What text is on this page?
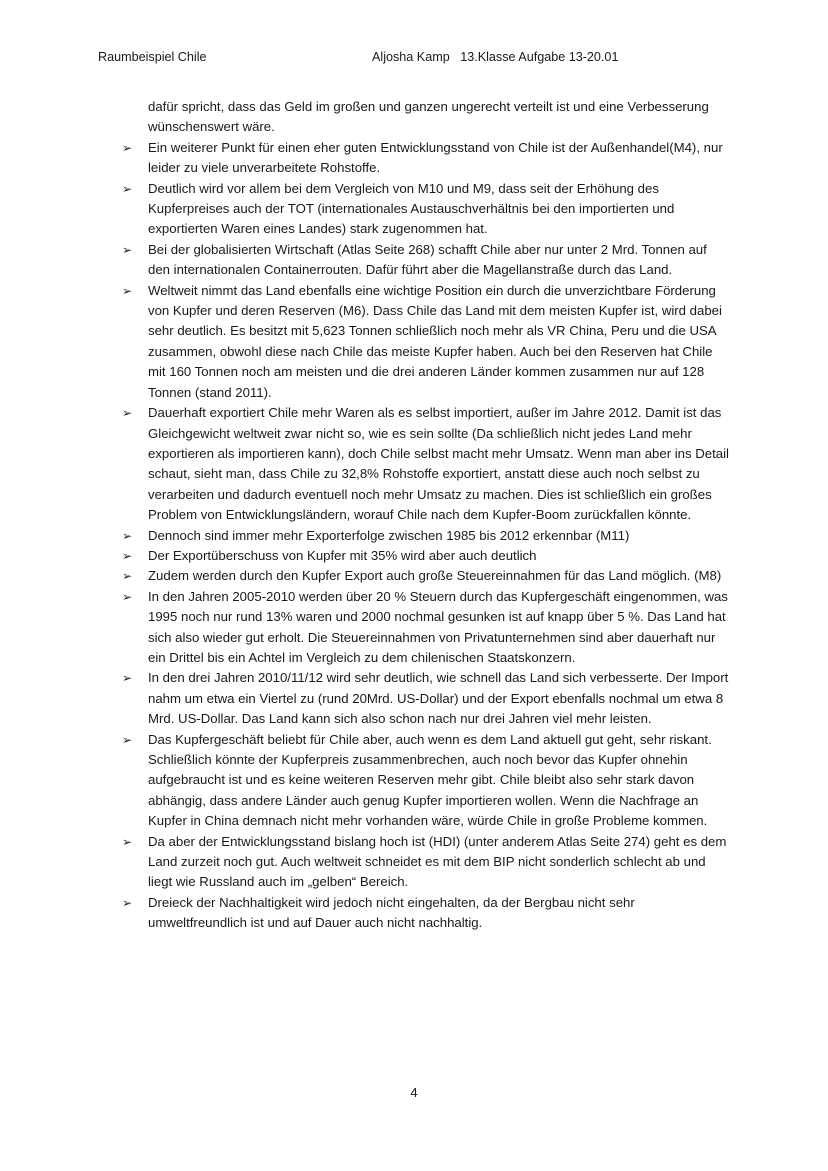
Raumbeispiel Chile	Aljosha Kamp   13.Klasse Aufgabe 13-20.01

dafür spricht, dass das Geld im großen und ganzen ungerecht verteilt ist und eine Verbesserung wünschenswert wäre.

➢ Ein weiterer Punkt für einen eher guten Entwicklungsstand von Chile ist der Außenhandel(M4), nur leider zu viele unverarbeitete Rohstoffe.
➢ Deutlich wird vor allem bei dem Vergleich von M10 und M9, dass seit der Erhöhung des Kupferpreises auch der TOT (internationales Austauschverhältnis bei den importierten und exportierten Waren eines Landes) stark zugenommen hat.
➢ Bei der globalisierten Wirtschaft (Atlas Seite 268) schafft Chile aber nur unter 2 Mrd. Tonnen auf den internationalen Containerrouten. Dafür führt aber die Magellanstraße durch das Land.
➢ Weltweit nimmt das Land ebenfalls eine wichtige Position ein durch die unverzichtbare Förderung von Kupfer und deren Reserven (M6). Dass Chile das Land mit dem meisten Kupfer ist, wird dabei sehr deutlich. Es besitzt mit 5,623 Tonnen schließlich noch mehr als VR China, Peru und die USA zusammen, obwohl diese nach Chile das meiste Kupfer haben. Auch bei den Reserven hat Chile mit 160 Tonnen noch am meisten und die drei anderen Länder kommen zusammen nur auf 128 Tonnen (stand 2011).
➢ Dauerhaft exportiert Chile mehr Waren als es selbst importiert, außer im Jahre 2012. Damit ist das Gleichgewicht weltweit zwar nicht so, wie es sein sollte (Da schließlich nicht jedes Land mehr exportieren als importieren kann), doch Chile selbst macht mehr Umsatz. Wenn man aber ins Detail schaut, sieht man, dass Chile zu 32,8% Rohstoffe exportiert, anstatt diese auch noch selbst zu verarbeiten und dadurch eventuell noch mehr Umsatz zu machen. Dies ist schließlich ein großes Problem von Entwicklungsländern, worauf Chile nach dem Kupfer-Boom zurückfallen könnte.
➢ Dennoch sind immer mehr Exporterfolge zwischen 1985 bis 2012 erkennbar (M11)
➢ Der Exportüberschuss von Kupfer mit 35% wird aber auch deutlich
➢ Zudem werden durch den Kupfer Export auch große Steuereinnahmen für das Land möglich. (M8)
➢ In den Jahren 2005-2010 werden über 20 % Steuern durch das Kupfergeschäft eingenommen, was 1995 noch nur rund 13% waren und 2000 nochmal gesunken ist auf knapp über 5 %. Das Land hat sich also wieder gut erholt. Die Steuereinnahmen von Privatunternehmen sind aber dauerhaft nur ein Drittel bis ein Achtel im Vergleich zu dem chilenischen Staatskonzern.
➢ In den drei Jahren 2010/11/12 wird sehr deutlich, wie schnell das Land sich verbesserte. Der Import nahm um etwa ein Viertel zu (rund 20Mrd. US-Dollar) und der Export ebenfalls nochmal um etwa 8 Mrd. US-Dollar. Das Land kann sich also schon nach nur drei Jahren viel mehr leisten.
➢ Das Kupfergeschäft beliebt für Chile aber, auch wenn es dem Land aktuell gut geht, sehr riskant. Schließlich könnte der Kupferpreis zusammenbrechen, auch noch bevor das Kupfer ohnehin aufgebraucht ist und es keine weiteren Reserven mehr gibt. Chile bleibt also sehr stark davon abhängig, dass andere Länder auch genug Kupfer importieren wollen. Wenn die Nachfrage an Kupfer in China demnach nicht mehr vorhanden wäre, würde Chile in große Probleme kommen.
➢ Da aber der Entwicklungsstand bislang hoch ist (HDI) (unter anderem Atlas Seite 274) geht es dem Land zurzeit noch gut. Auch weltweit schneidet es mit dem BIP nicht sonderlich schlecht ab und liegt wie Russland auch im „gelben“ Bereich.
➢ Dreieck der Nachhaltigkeit wird jedoch nicht eingehalten, da der Bergbau nicht sehr umweltfreundlich ist und auf Dauer auch nicht nachhaltig.
4
